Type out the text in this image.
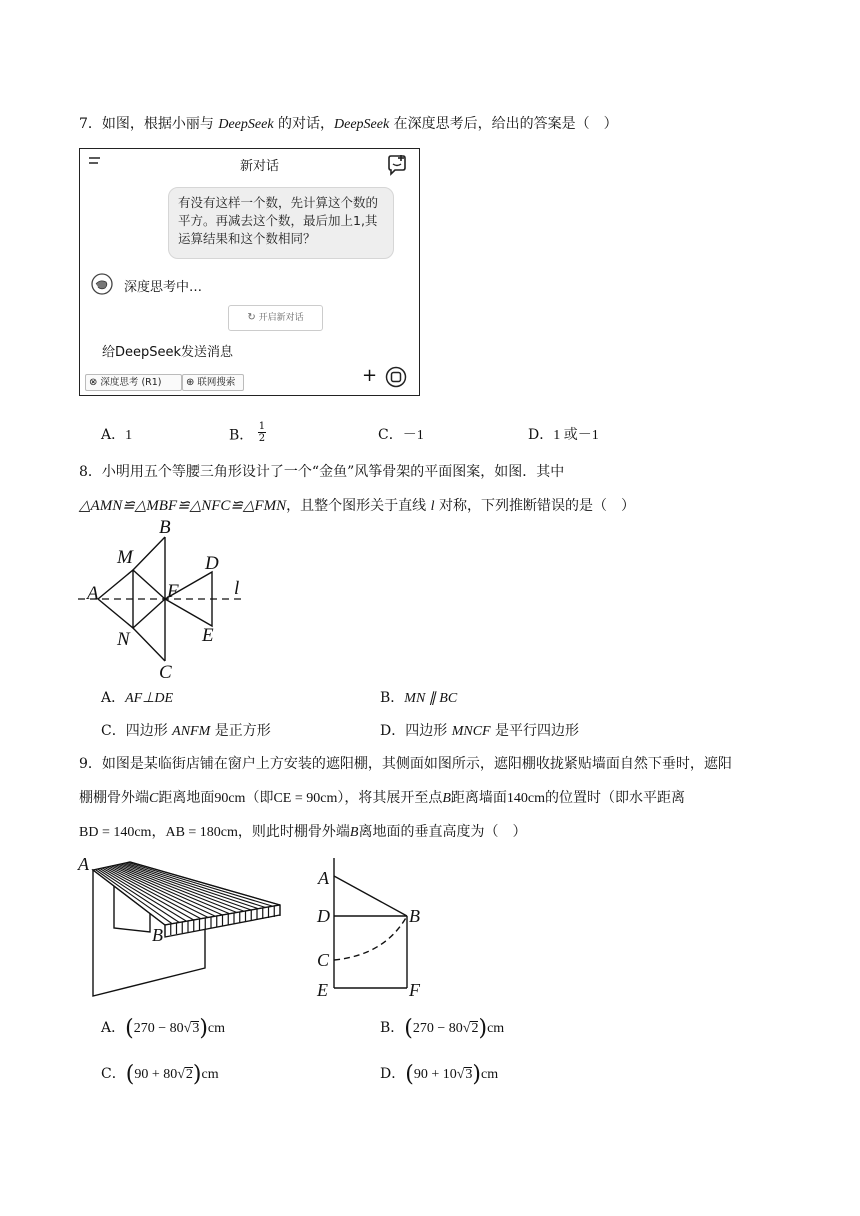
7．如图，根据小丽与 DeepSeek 的对话，DeepSeek 在深度思考后，给出的答案是（　）
新对话
有没有这样一个数，先计算这个数的平方。再减去这个数，最后加上1,其运算结果和这个数相同？
深度思考中…
↻ 开启新对话
给DeepSeek发送消息
⊗ 深度思考 (R1)	⊕ 联网搜索	+
A．1	B． $\frac{1}{2}$	C．－1	D．1 或－1
8．小明用五个等腰三角形设计了一个“金鱼”风筝骨架的平面图案，如图．其中
△AMN≌△MBF≌△NFC≌△FMN，且整个图形关于直线 l 对称，下列推断错误的是（　）
A
B
C
D
E
F
M
N
l
A．AF⊥DE	B．MN ∥ BC
C．四边形 ANFM 是正方形	D．四边形 MNCF 是平行四边形
9．如图是某临街店铺在窗户上方安装的遮阳棚，其侧面如图所示，遮阳棚收拢紧贴墙面自然下垂时，遮阳
棚棚骨外端C距离地面90cm（即CE = 90cm），将其展开至点B距离墙面140cm的位置时（即水平距离
BD = 140cm，AB = 180cm，则此时棚骨外端B离地面的垂直高度为（　）
A
B
A
D	B
C
E	F
A．(270 − 80√3)cm	B．(270 − 80√2)cm
C．(90 + 80√2)cm	D．(90 + 10√3)cm
